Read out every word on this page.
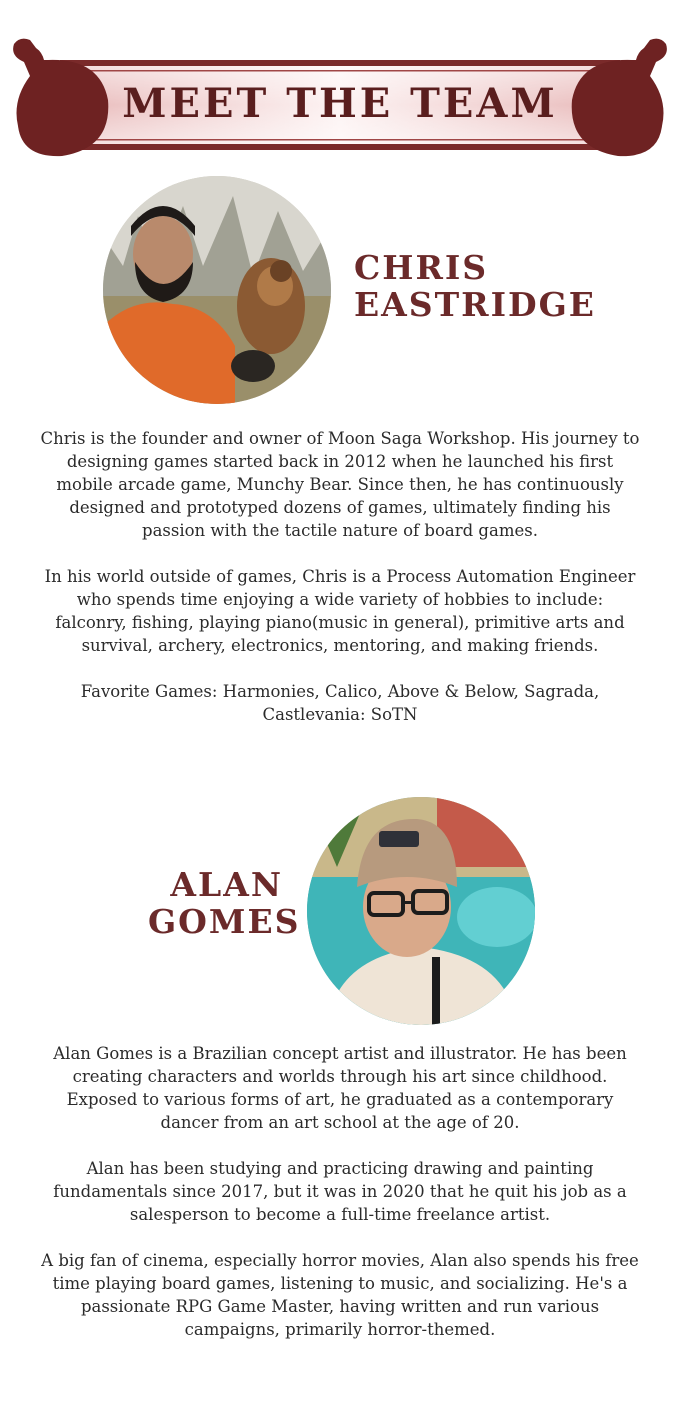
MEET THE TEAM
CHRIS
EASTRIDGE

Chris is the founder and owner of Moon Saga Workshop. His journey to designing games started back in 2012 when he launched his first mobile arcade game, Munchy Bear. Since then, he has continuously designed and prototyped dozens of games, ultimately finding his passion with the tactile nature of board games.

In his world outside of games, Chris is a Process Automation Engineer who spends time enjoying a wide variety of hobbies to include: falconry, fishing, playing piano(music in general), primitive arts and survival, archery, electronics, mentoring, and making friends.

Favorite Games: Harmonies, Calico, Above & Below, Sagrada, Castlevania: SoTN

ALAN
GOMES

Alan Gomes is a Brazilian concept artist and illustrator. He has been creating characters and worlds through his art since childhood. Exposed to various forms of art, he graduated as a contemporary dancer from an art school at the age of 20.

Alan has been studying and practicing drawing and painting fundamentals since 2017, but it was in 2020 that he quit his job as a salesperson to become a full-time freelance artist.

A big fan of cinema, especially horror movies, Alan also spends his free time playing board games, listening to music, and socializing. He's a passionate RPG Game Master, having written and run various campaigns, primarily horror-themed.
